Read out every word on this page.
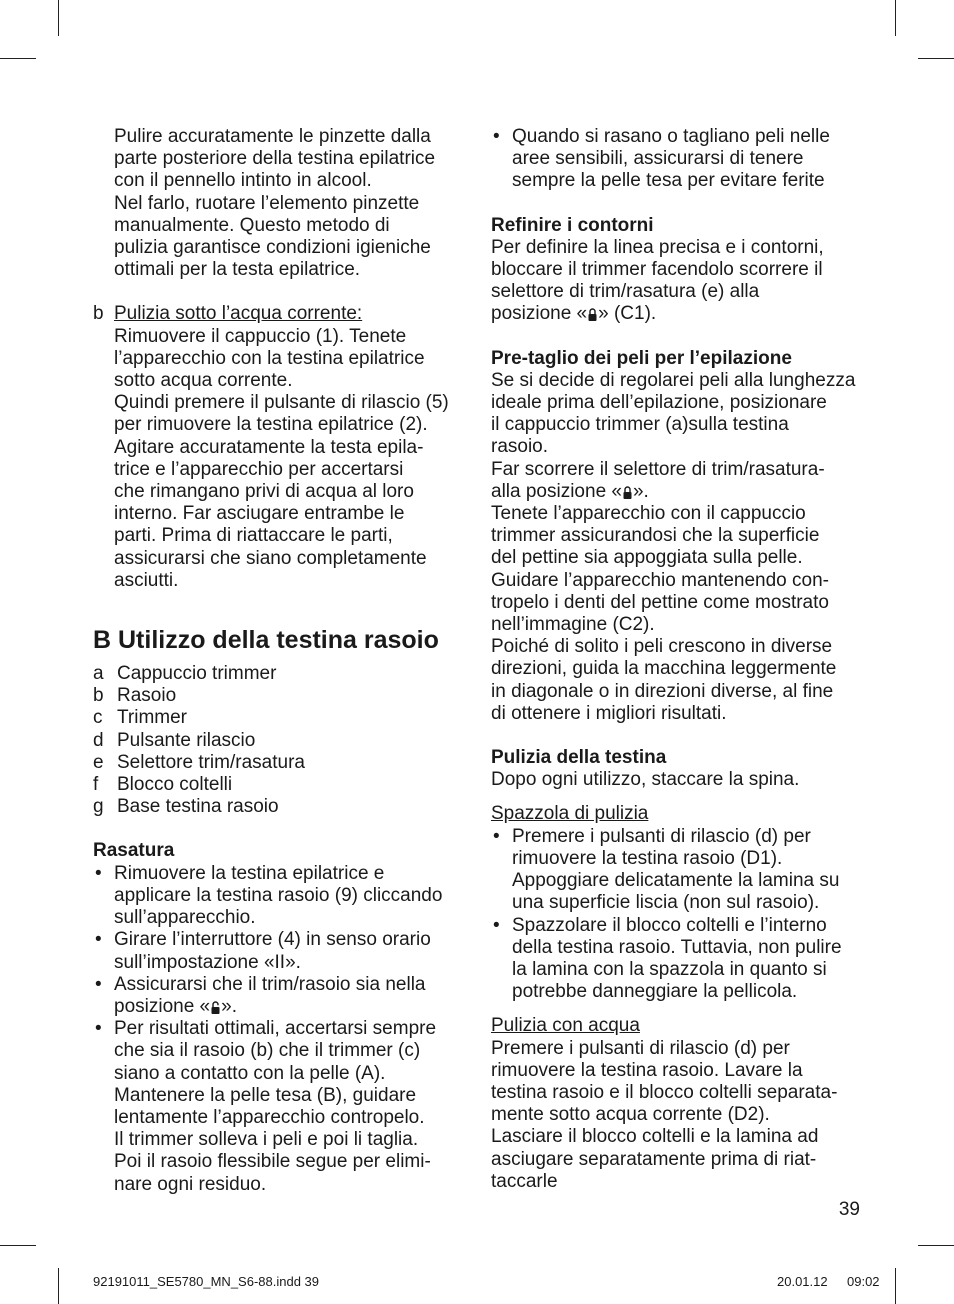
Pulire accuratamente le pinzette dalla

parte posteriore della testina epilatrice

con il pennello intinto in alcool.

Nel farlo, ruotare l’elemento pinzette

manualmente. Questo metodo di

pulizia garantisce condizioni igieniche

ottimali per la testa epilatrice.

b Pulizia sotto l’acqua corrente:

Rimuovere il cappuccio (1). Tenete

l’apparecchio con la testina epilatrice

sotto acqua corrente.

Quindi premere il pulsante di rilascio (5)

per rimuovere la testina epilatrice (2).

Agitare accuratamente la testa epila-

trice e l’apparecchio per accertarsi

che rimangano privi di acqua al loro

interno. Far asciugare entrambe le

parti. Prima di riattaccare le parti,

assicurarsi che siano completamente

asciutti.

B Utilizzo della testina rasoio
a Cappuccio trimmer
b Rasoio
c Trimmer
d Pulsante rilascio
e Selettore trim/rasatura
f Blocco coltelli
g Base testina rasoio

Rasatura

• Rimuovere la testina epilatrice e

applicare la testina rasoio (9) cliccando

sull’apparecchio.

• Girare l’interruttore (4) in senso orario

sull’impostazione «II».

• Assicurarsi che il trim/rasoio sia nella

posizione « ».

• Per risultati ottimali, accertarsi sempre

che sia il rasoio (b) che il trimmer (c)

siano a contatto con la pelle (A).

Mantenere la pelle tesa (B), guidare

lentamente l’apparecchio contropelo.

Il trimmer solleva i peli e poi li taglia.

Poi il rasoio flessibile segue per elimi-

nare ogni residuo.

• Quando si rasano o tagliano peli nelle

aree sensibili, assicurarsi di tenere

sempre la pelle tesa per evitare ferite

Refinire i contorni

Per definire la linea precisa e i contorni,

bloccare il trimmer facendolo scorrere il

selettore di trim/rasatura (e) alla

posizione « » (C1).

Pre-taglio dei peli per l’epilazione

Se si decide di regolarei peli alla lunghezza

ideale prima dell’epilazione, posizionare

il cappuccio trimmer (a)sulla testina

rasoio.

Far scorrere il selettore di trim/rasatura-

alla posizione « ».

Tenete l’apparecchio con il cappuccio

trimmer assicurandosi che la superficie

del pettine sia appoggiata sulla pelle.

Guidare l’apparecchio mantenendo con-

tropelo i denti del pettine come mostrato

nell’immagine (C2).

Poiché di solito i peli crescono in diverse

direzioni, guida la macchina leggermente

in diagonale o in direzioni diverse, al fine

di ottenere i migliori risultati.

Pulizia della testina

Dopo ogni utilizzo, staccare la spina.

Spazzola di pulizia

• Premere i pulsanti di rilascio (d) per

rimuovere la testina rasoio (D1).

Appoggiare delicatamente la lamina su

una superficie liscia (non sul rasoio).

• Spazzolare il blocco coltelli e l’interno

della testina rasoio. Tuttavia, non pulire

la lamina con la spazzola in quanto si

potrebbe danneggiare la pellicola.

Pulizia con acqua

Premere i pulsanti di rilascio (d) per

rimuovere la testina rasoio. Lavare la

testina rasoio e il blocco coltelli separata-

mente sotto acqua corrente (D2).

Lasciare il blocco coltelli e la lamina ad

asciugare separatamente prima di riat-

taccarle

39
92191011_SE5780_MN_S6-88.indd 39	20.01.12 09:02
